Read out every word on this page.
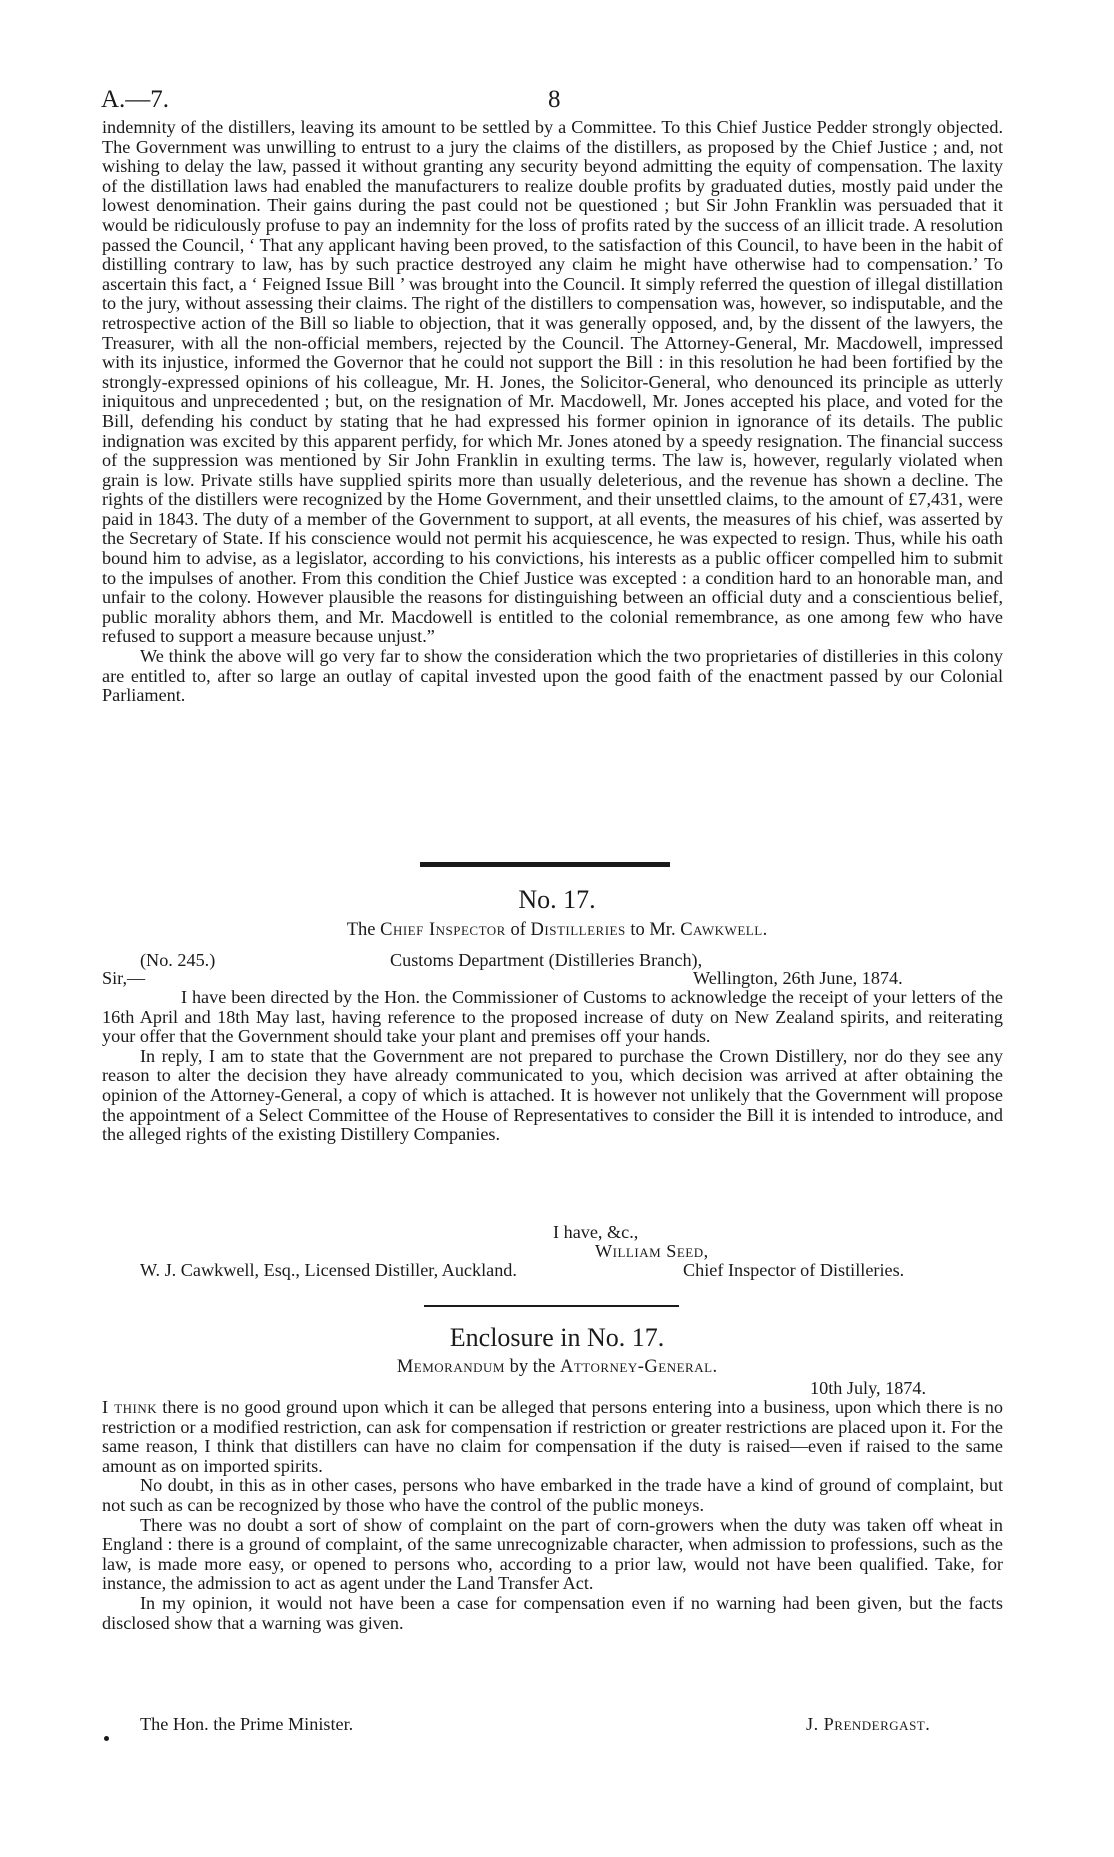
A.—7.	8

indemnity of the distillers, leaving its amount to be settled by a Committee. To this Chief Justice Pedder strongly objected. The Government was unwilling to entrust to a jury the claims of the distillers, as proposed by the Chief Justice ; and, not wishing to delay the law, passed it without granting any security beyond admitting the equity of compensation. The laxity of the distillation laws had enabled the manufacturers to realize double profits by graduated duties, mostly paid under the lowest denomination. Their gains during the past could not be questioned ; but Sir John Franklin was persuaded that it would be ridiculously profuse to pay an indemnity for the loss of profits rated by the success of an illicit trade. A resolution passed the Council, ‘ That any applicant having been proved, to the satisfaction of this Council, to have been in the habit of distilling contrary to law, has by such practice destroyed any claim he might have otherwise had to compensation.’ To ascertain this fact, a ‘ Feigned Issue Bill ’ was brought into the Council. It simply referred the question of illegal distillation to the jury, without assessing their claims. The right of the distillers to compensation was, however, so indisputable, and the retrospective action of the Bill so liable to objection, that it was generally opposed, and, by the dissent of the lawyers, the Treasurer, with all the non-official members, rejected by the Council. The Attorney-General, Mr. Macdowell, impressed with its injustice, informed the Governor that he could not support the Bill : in this resolution he had been fortified by the strongly-expressed opinions of his colleague, Mr. H. Jones, the Solicitor-General, who denounced its principle as utterly iniquitous and unprecedented ; but, on the resignation of Mr. Macdowell, Mr. Jones accepted his place, and voted for the Bill, defending his conduct by stating that he had expressed his former opinion in ignorance of its details. The public indignation was excited by this apparent perfidy, for which Mr. Jones atoned by a speedy resignation. The financial success of the suppression was mentioned by Sir John Franklin in exulting terms. The law is, however, regularly violated when grain is low. Private stills have supplied spirits more than usually deleterious, and the revenue has shown a decline. The rights of the distillers were recognized by the Home Government, and their unsettled claims, to the amount of £7,431, were paid in 1843. The duty of a member of the Government to support, at all events, the measures of his chief, was asserted by the Secretary of State. If his conscience would not permit his acquiescence, he was expected to resign. Thus, while his oath bound him to advise, as a legislator, according to his convictions, his interests as a public officer compelled him to submit to the impulses of another. From this condition the Chief Justice was excepted : a condition hard to an honorable man, and unfair to the colony. However plausible the reasons for distinguishing between an official duty and a conscientious belief, public morality abhors them, and Mr. Macdowell is entitled to the colonial remembrance, as one among few who have refused to support a measure because unjust.”

We think the above will go very far to show the consideration which the two proprietaries of distilleries in this colony are entitled to, after so large an outlay of capital invested upon the good faith of the enactment passed by our Colonial Parliament.

No. 17.
The Chief Inspector of Distilleries to Mr. Cawkwell.
(No. 245.)	Customs Department (Distilleries Branch),
Sir,—	Wellington, 26th June, 1874.

I have been directed by the Hon. the Commissioner of Customs to acknowledge the receipt of your letters of the 16th April and 18th May last, having reference to the proposed increase of duty on New Zealand spirits, and reiterating your offer that the Government should take your plant and premises off your hands.

In reply, I am to state that the Government are not prepared to purchase the Crown Distillery, nor do they see any reason to alter the decision they have already communicated to you, which decision was arrived at after obtaining the opinion of the Attorney-General, a copy of which is attached. It is however not unlikely that the Government will propose the appointment of a Select Committee of the House of Representatives to consider the Bill it is intended to introduce, and the alleged rights of the existing Distillery Companies.

I have, &c.,
William Seed,
W. J. Cawkwell, Esq., Licensed Distiller, Auckland.	Chief Inspector of Distilleries.
Enclosure in No. 17.
Memorandum by the Attorney-General.
10th July, 1874.

I think there is no good ground upon which it can be alleged that persons entering into a business, upon which there is no restriction or a modified restriction, can ask for compensation if restriction or greater restrictions are placed upon it. For the same reason, I think that distillers can have no claim for compensation if the duty is raised—even if raised to the same amount as on imported spirits.

No doubt, in this as in other cases, persons who have embarked in the trade have a kind of ground of complaint, but not such as can be recognized by those who have the control of the public moneys.

There was no doubt a sort of show of complaint on the part of corn-growers when the duty was taken off wheat in England : there is a ground of complaint, of the same unrecognizable character, when admission to professions, such as the law, is made more easy, or opened to persons who, according to a prior law, would not have been qualified. Take, for instance, the admission to act as agent under the Land Transfer Act.

In my opinion, it would not have been a case for compensation even if no warning had been given, but the facts disclosed show that a warning was given.

The Hon. the Prime Minister.	J. Prendergast.
